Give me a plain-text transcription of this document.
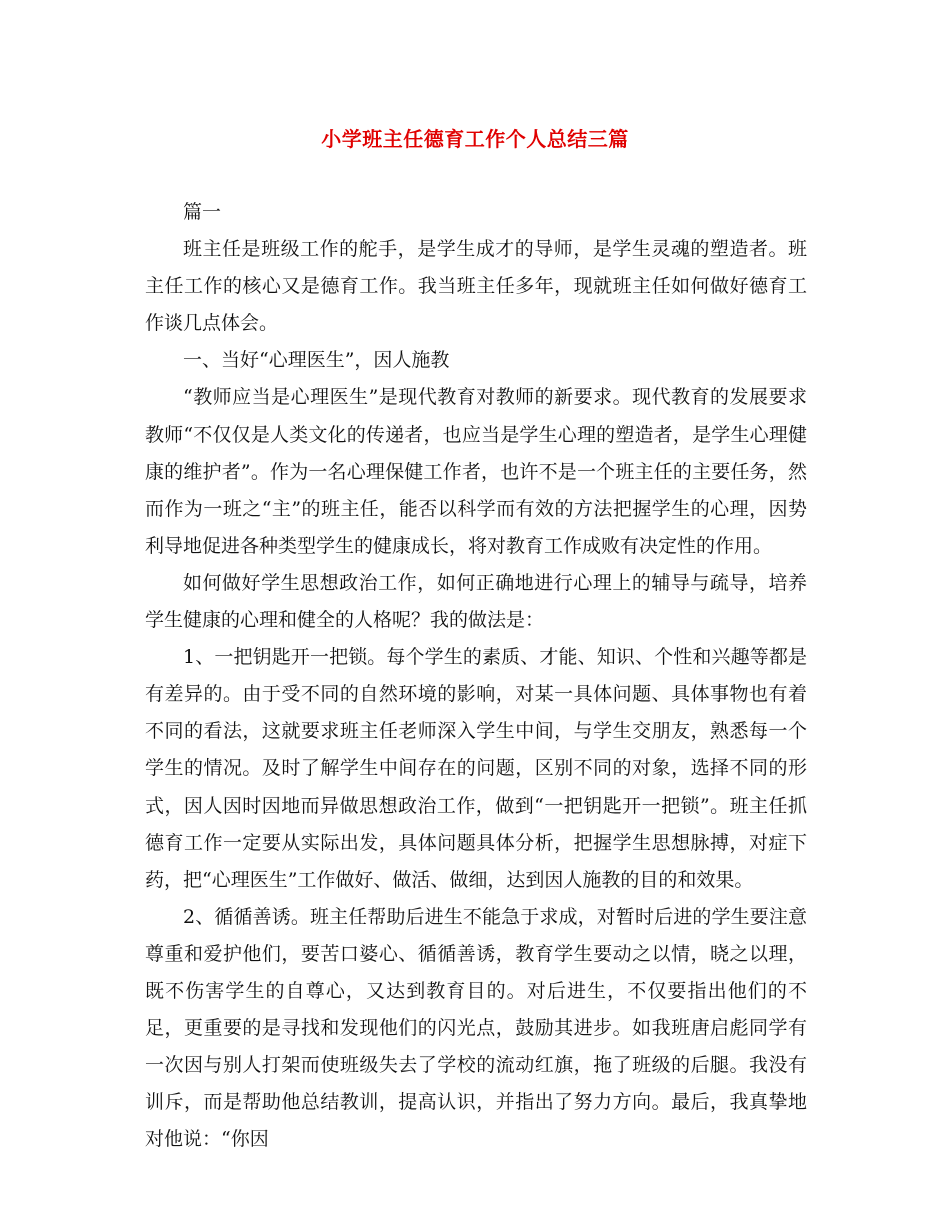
小学班主任德育工作个人总结三篇

篇一

班主任是班级工作的舵手，是学生成才的导师，是学生灵魂的塑造者。班主任工作的核心又是德育工作。我当班主任多年，现就班主任如何做好德育工作谈几点体会。

一、当好“心理医生”，因人施教

“教师应当是心理医生”是现代教育对教师的新要求。现代教育的发展要求教师“不仅仅是人类文化的传递者，也应当是学生心理的塑造者，是学生心理健康的维护者”。作为一名心理保健工作者，也许不是一个班主任的主要任务，然而作为一班之“主”的班主任，能否以科学而有效的方法把握学生的心理，因势利导地促进各种类型学生的健康成长，将对教育工作成败有决定性的作用。

如何做好学生思想政治工作，如何正确地进行心理上的辅导与疏导，培养学生健康的心理和健全的人格呢？我的做法是：

1、一把钥匙开一把锁。每个学生的素质、才能、知识、个性和兴趣等都是有差异的。由于受不同的自然环境的影响，对某一具体问题、具体事物也有着不同的看法，这就要求班主任老师深入学生中间，与学生交朋友，熟悉每一个学生的情况。及时了解学生中间存在的问题，区别不同的对象，选择不同的形式，因人因时因地而异做思想政治工作，做到“一把钥匙开一把锁”。班主任抓德育工作一定要从实际出发，具体问题具体分析，把握学生思想脉搏，对症下药，把“心理医生”工作做好、做活、做细，达到因人施教的目的和效果。

2、循循善诱。班主任帮助后进生不能急于求成，对暂时后进的学生要注意尊重和爱护他们，要苦口婆心、循循善诱，教育学生要动之以情，晓之以理，既不伤害学生的自尊心，又达到教育目的。对后进生，不仅要指出他们的不足，更重要的是寻找和发现他们的闪光点，鼓励其进步。如我班唐启彪同学有一次因与别人打架而使班级失去了学校的流动红旗，拖了班级的后腿。我没有训斥，而是帮助他总结教训，提高认识，并指出了努力方向。最后，我真挚地对他说：“你因
